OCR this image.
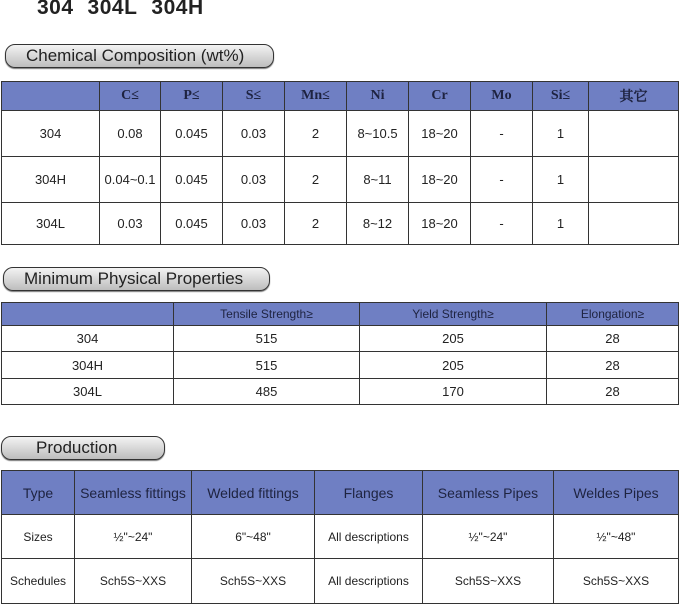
304 304L 304H
Chemical Composition (wt%)
	C≤	P≤	S≤	Mn≤	Ni	Cr	Mo	Si≤	其它
304	0.08	0.045	0.03	2	8~10.5	18~20	-	1	
304H	0.04~0.1	0.045	0.03	2	8~11	18~20	-	1	
304L	0.03	0.045	0.03	2	8~12	18~20	-	1	
Minimum Physical Properties
	Tensile Strength≥	Yield Strength≥	Elongation≥
304	515	205	28
304H	515	205	28
304L	485	170	28
Production
Type	Seamless fittings	Welded fittings	Flanges	Seamless Pipes	Weldes Pipes
Sizes	½"~24"	6"~48"	All descriptions	½"~24"	½"~48"
Schedules	Sch5S~XXS	Sch5S~XXS	All descriptions	Sch5S~XXS	Sch5S~XXS
